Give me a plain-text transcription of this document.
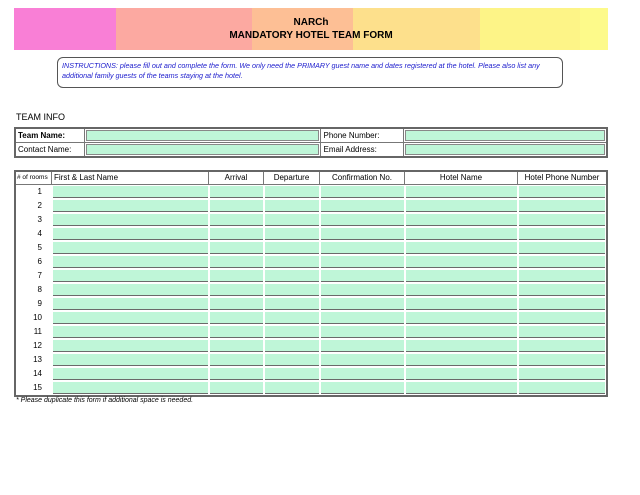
NARCh
MANDATORY HOTEL TEAM FORM
INSTRUCTIONS: please fill out and complete the form. We only need the PRIMARY guest name and dates registered at the hotel. Please also list any additional family guests of the teams staying at the hotel.
TEAM INFO
Team Name:	Phone Number:
Contact Name:	Email Address:
# of rooms First & Last Name	Arrival	Departure	Confirmation No.	Hotel Name	Hotel Phone Number
1
2
3
4
5
6
7
8
9
10
11
12
13
14
15
* Please duplicate this form if additional space is needed.
